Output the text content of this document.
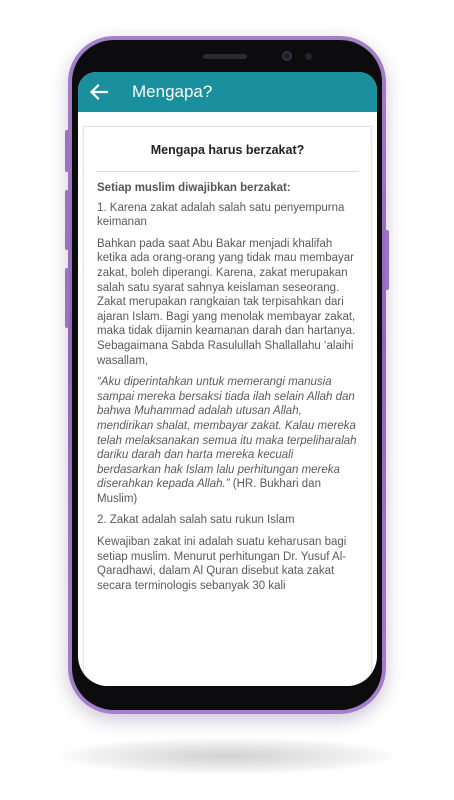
Mengapa?
Mengapa harus berzakat?

Setiap muslim diwajibkan berzakat:

1. Karena zakat adalah salah satu penyempurna keimanan

Bahkan pada saat Abu Bakar menjadi khalifah ketika ada orang-orang yang tidak mau membayar zakat, boleh diperangi. Karena, zakat merupakan salah satu syarat sahnya keislaman seseorang. Zakat merupakan rangkaian tak terpisahkan dari ajaran Islam. Bagi yang menolak membayar zakat, maka tidak dijamin keamanan darah dan hartanya. Sebagaimana Sabda Rasulullah Shallallahu ‘alaihi wasallam,

“Aku diperintahkan untuk memerangi manusia sampai mereka bersaksi tiada ilah selain Allah dan bahwa Muhammad adalah utusan Allah, mendirikan shalat, membayar zakat. Kalau mereka telah melaksanakan semua itu maka terpeliharalah dariku darah dan harta mereka kecuali berdasarkan hak Islam lalu perhitungan mereka diserahkan kepada Allah.” (HR. Bukhari dan Muslim)

2. Zakat adalah salah satu rukun Islam

Kewajiban zakat ini adalah suatu keharusan bagi setiap muslim. Menurut perhitungan Dr. Yusuf Al-Qaradhawi, dalam Al Quran disebut kata zakat secara terminologis sebanyak 30 kali
